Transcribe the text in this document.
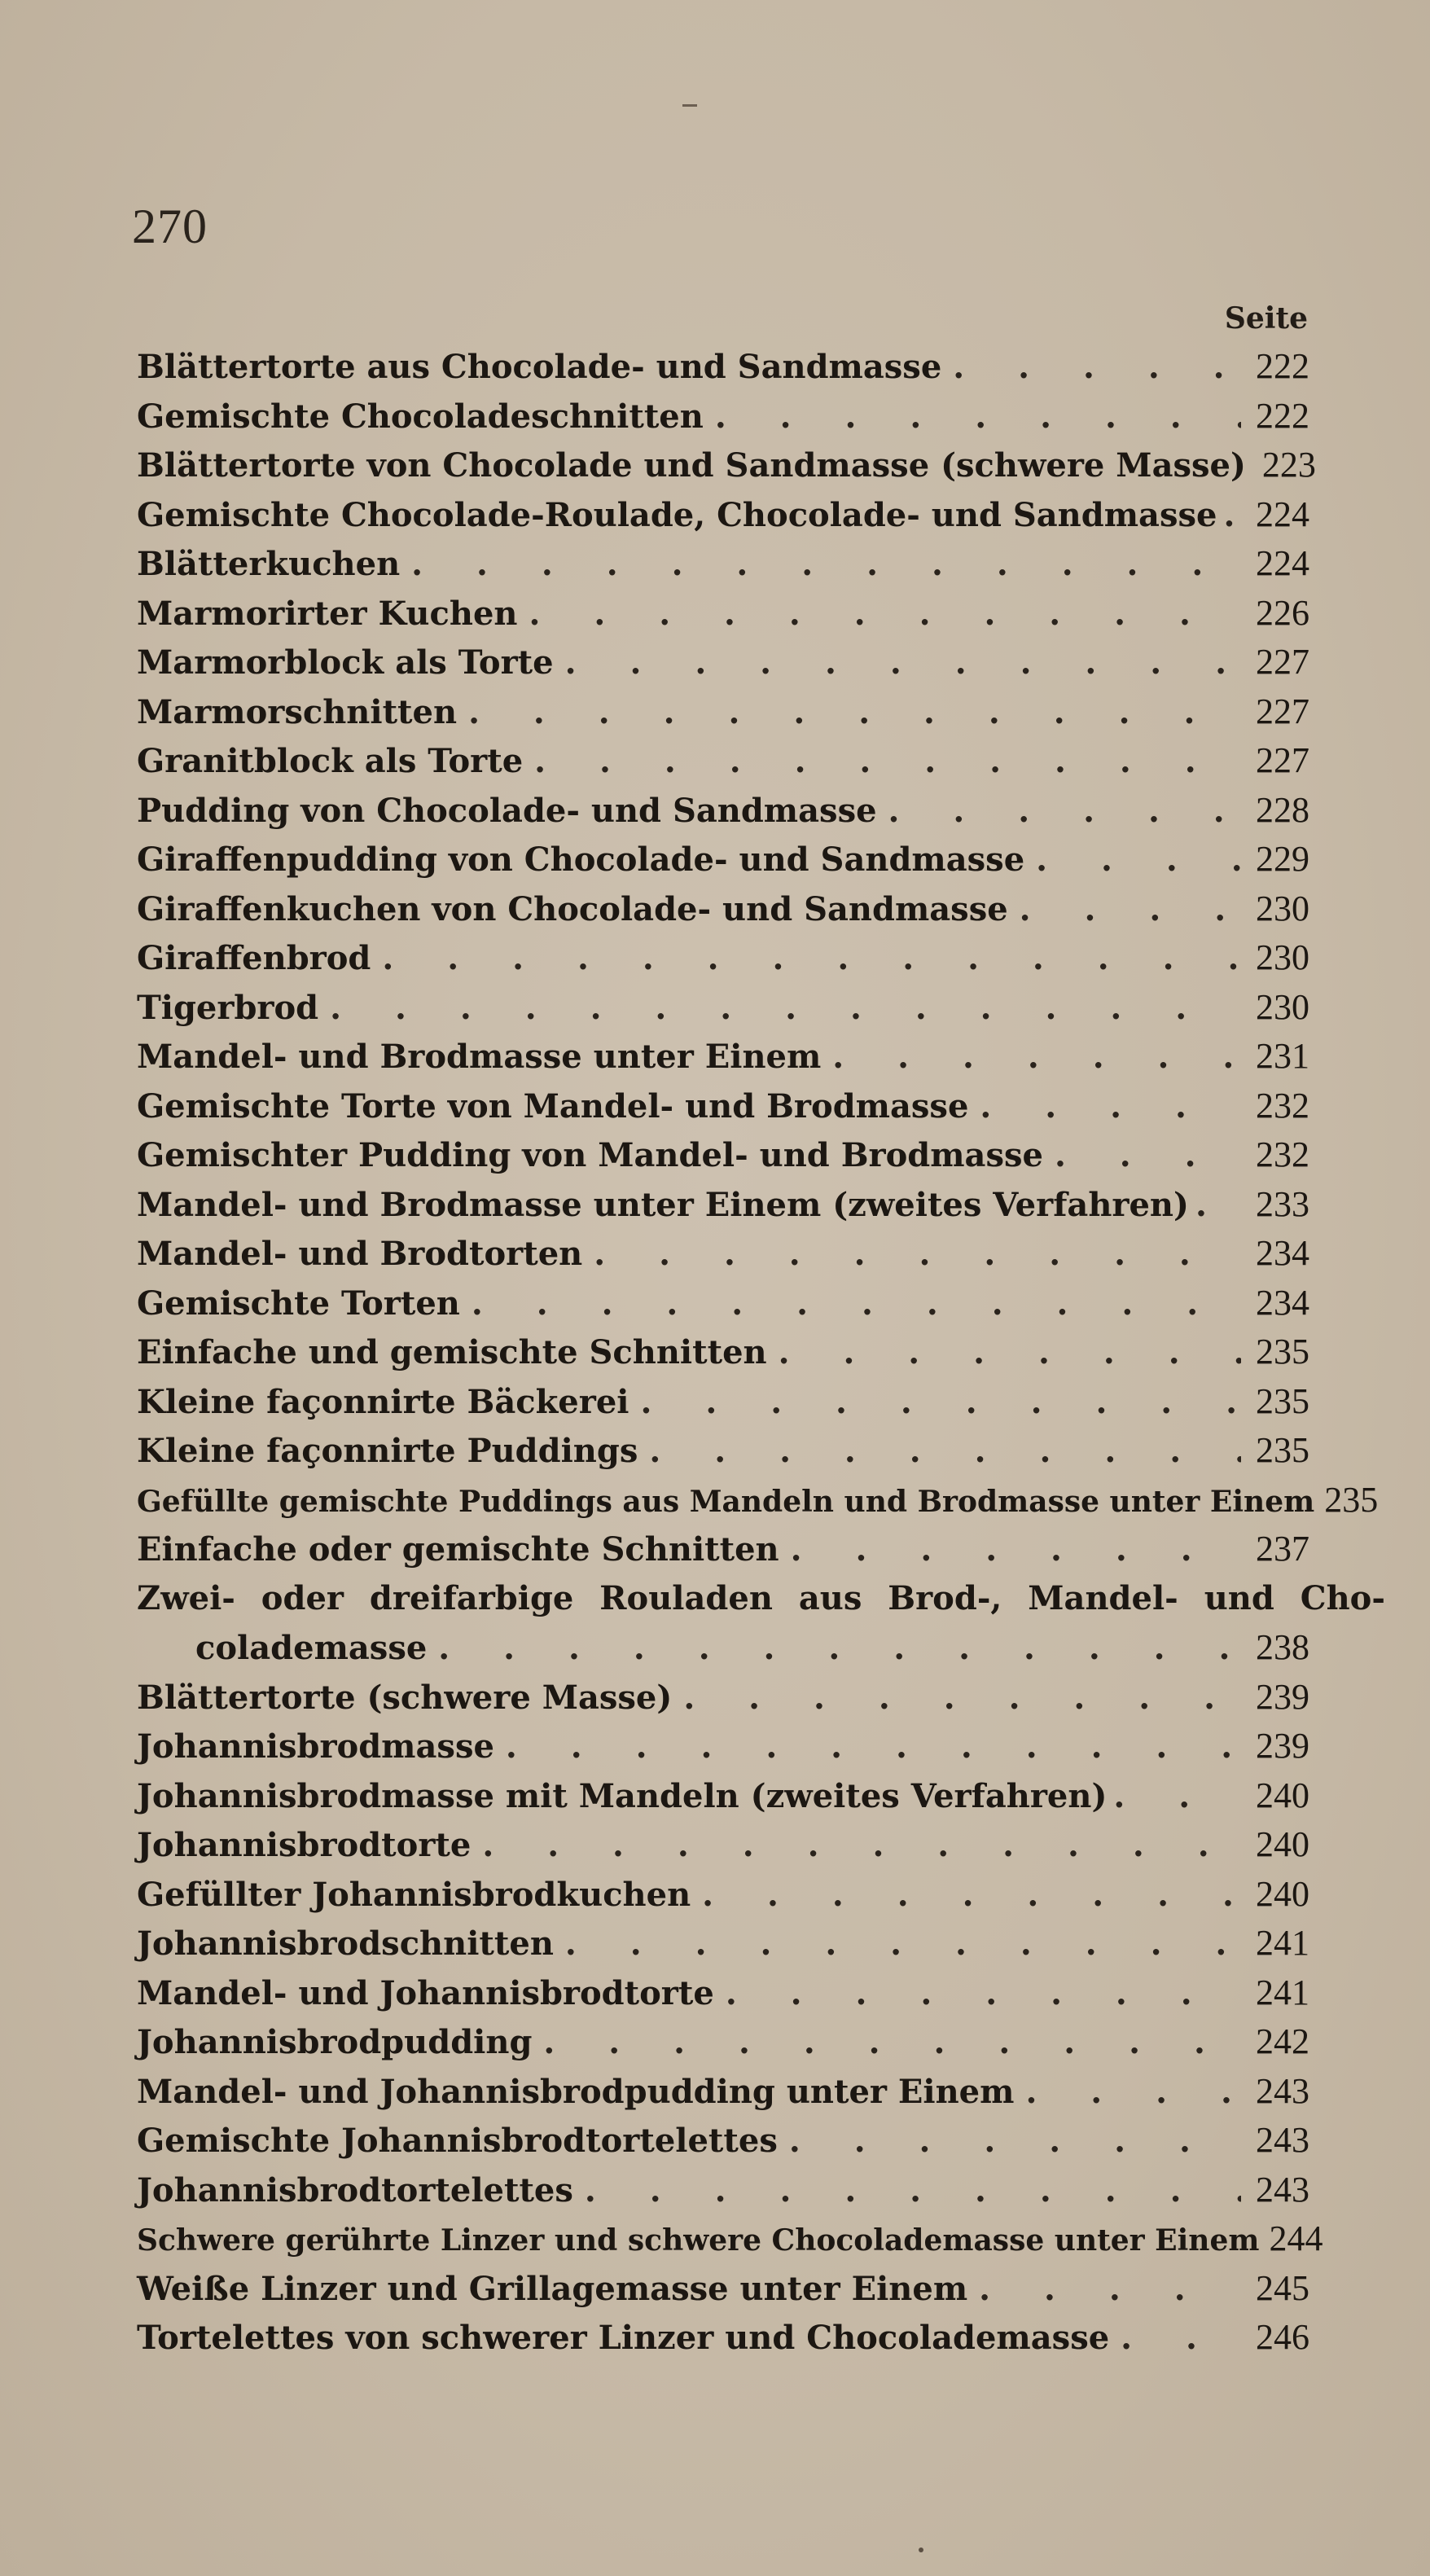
270
Seite
Blättertorte aus Chocolade- und Sandmasse . . .	222
Gemischte Chocoladeschnitten . . .	222
Blättertorte von Chocolade und Sandmasse (schwere Masse) 223
Gemischte Chocolade-Roulade, Chocolade- und Sandmasse . . . 224
Blätterkuchen . . .	224
Marmorirter Kuchen . . .	226
Marmorblock als Torte . . .	227
Marmorschnitten . . .	227
Granitblock als Torte . . .	227
Pudding von Chocolade- und Sandmasse . . .	228
Giraffenpudding von Chocolade- und Sandmasse . . .	229
Giraffenkuchen von Chocolade- und Sandmasse . . .	230
Giraffenbrod . . .	230
Tigerbrod . . .	230
Mandel- und Brodmasse unter Einem . . .	231
Gemischte Torte von Mandel- und Brodmasse . . .	232
Gemischter Pudding von Mandel- und Brodmasse . . .	232
Mandel- und Brodmasse unter Einem (zweites Verfahren) . . . 233
Mandel- und Brodtorten . . .	234
Gemischte Torten . . .	234
Einfache und gemischte Schnitten . . .	235
Kleine façonnirte Bäckerei . . .	235
Kleine façonnirte Puddings . . .	235
Gefüllte gemischte Puddings aus Mandeln und Brodmasse unter Einem 235
Einfache oder gemischte Schnitten . . .	237
Zwei- oder dreifarbige Rouladen aus Brod-, Mandel- und Cho-
colademasse . . .	238
Blättertorte (schwere Masse) . . .	239
Johannisbrodmasse . . .	239
Johannisbrodmasse mit Mandeln (zweites Verfahren) . . .	240
Johannisbrodtorte . . .	240
Gefüllter Johannisbrodkuchen . . .	240
Johannisbrodschnitten . . .	241
Mandel- und Johannisbrodtorte . . .	241
Johannisbrodpudding . . .	242
Mandel- und Johannisbrodpudding unter Einem . . .	243
Gemischte Johannisbrodtortelettes . . .	243
Johannisbrodtortelettes . . .	243
Schwere gerührte Linzer und schwere Chocolademasse unter Einem 244
Weiße Linzer und Grillagemasse unter Einem . . .	245
Tortelettes von schwerer Linzer und Chocolademasse . . .	246
